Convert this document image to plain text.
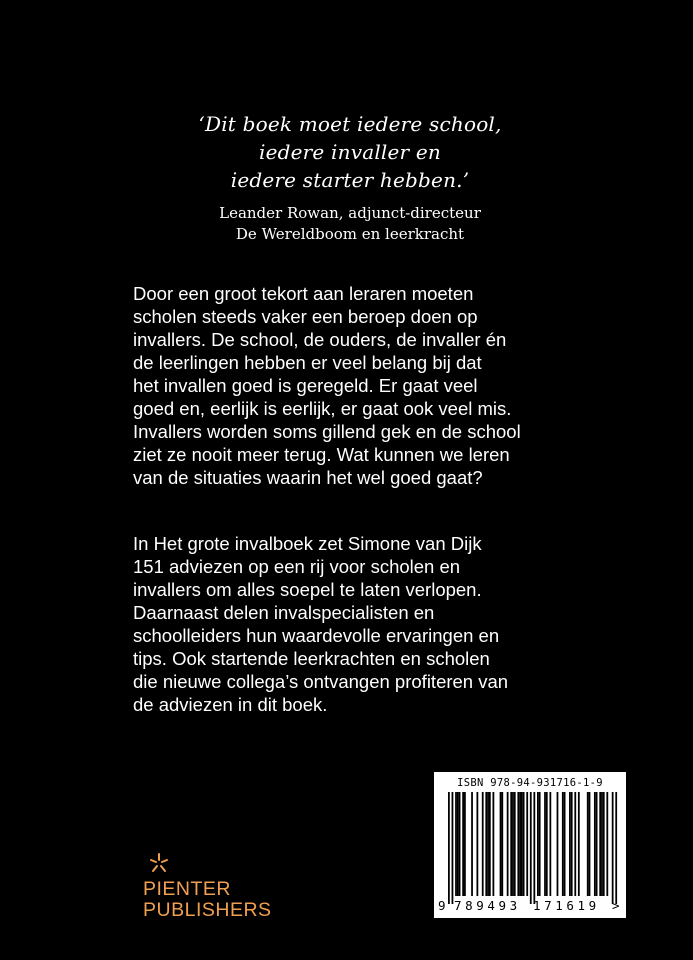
‘Dit boek moet iedere school,
iedere invaller en
iedere starter hebben.’
Leander Rowan, adjunct-directeur
De Wereldboom en leerkracht
Door een groot tekort aan leraren moeten
scholen steeds vaker een beroep doen op
invallers. De school, de ouders, de invaller én
de leerlingen hebben er veel belang bij dat
het invallen goed is geregeld. Er gaat veel
goed en, eerlijk is eerlijk, er gaat ook veel mis.
Invallers worden soms gillend gek en de school
ziet ze nooit meer terug. Wat kunnen we leren
van de situaties waarin het wel goed gaat?
In Het grote invalboek zet Simone van Dijk
151 adviezen op een rij voor scholen en
invallers om alles soepel te laten verlopen.
Daarnaast delen invalspecialisten en
schoolleiders hun waardevolle ervaringen en
tips. Ook startende leerkrachten en scholen
die nieuwe collega’s ontvangen profiteren van
de adviezen in dit boek.
PIENTER
PUBLISHERS
ISBN 978-94-931716-1-9
9 789493 171619 >
